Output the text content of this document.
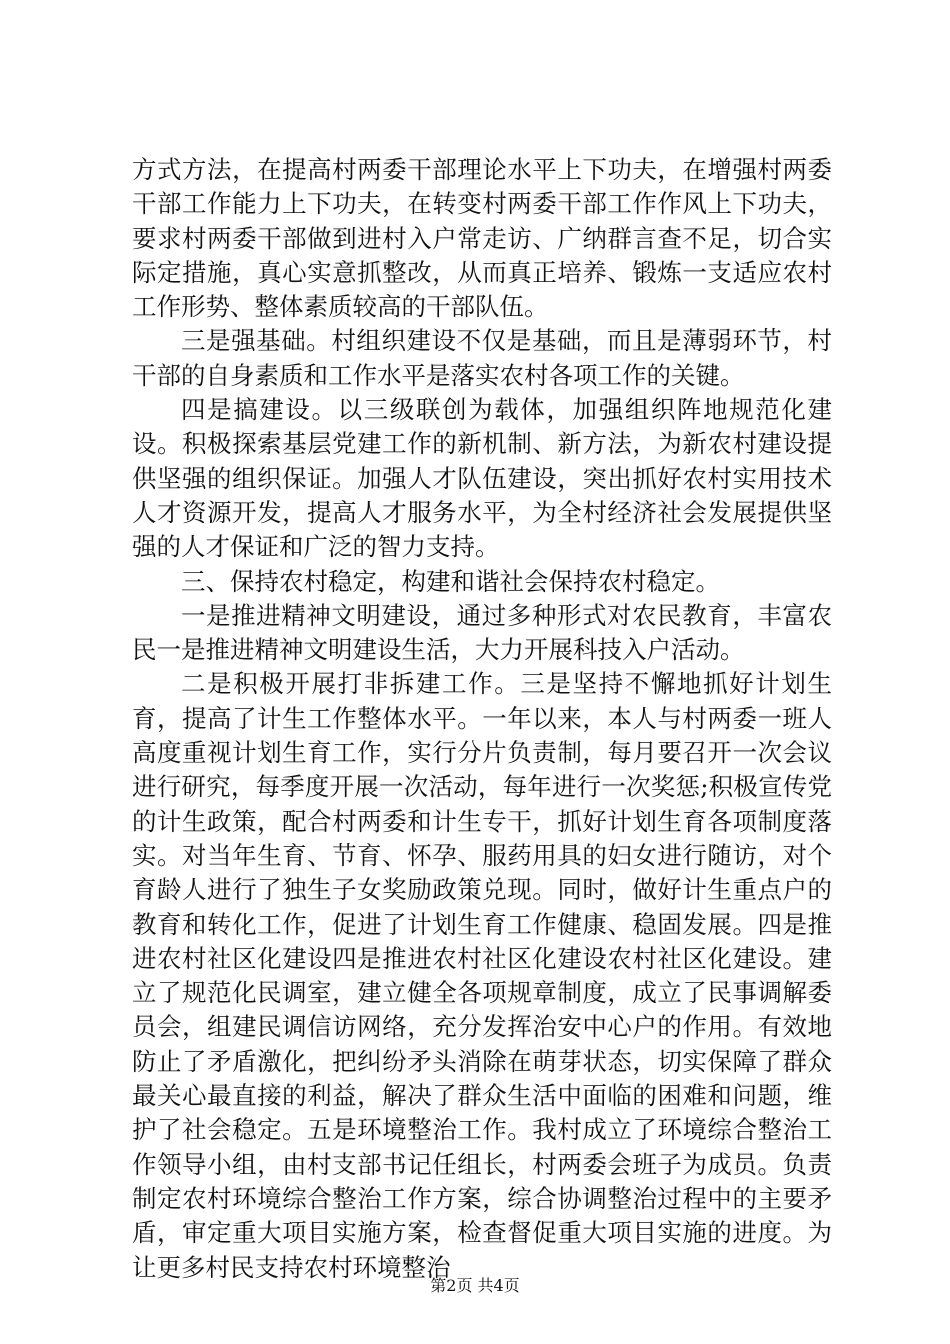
方式方法，在提高村两委干部理论水平上下功夫，在增强村两委干部工作能力上下功夫，在转变村两委干部工作作风上下功夫，要求村两委干部做到进村入户常走访、广纳群言查不足，切合实际定措施，真心实意抓整改，从而真正培养、锻炼一支适应农村工作形势、整体素质较高的干部队伍。

三是强基础。村组织建设不仅是基础，而且是薄弱环节，村干部的自身素质和工作水平是落实农村各项工作的关键。

四是搞建设。以三级联创为载体，加强组织阵地规范化建设。积极探索基层党建工作的新机制、新方法，为新农村建设提供坚强的组织保证。加强人才队伍建设，突出抓好农村实用技术人才资源开发，提高人才服务水平，为全村经济社会发展提供坚强的人才保证和广泛的智力支持。

三、保持农村稳定，构建和谐社会保持农村稳定。

一是推进精神文明建设，通过多种形式对农民教育，丰富农民一是推进精神文明建设生活，大力开展科技入户活动。

二是积极开展打非拆建工作。三是坚持不懈地抓好计划生育，提高了计生工作整体水平。一年以来，本人与村两委一班人高度重视计划生育工作，实行分片负责制，每月要召开一次会议进行研究，每季度开展一次活动，每年进行一次奖惩;积极宣传党的计生政策，配合村两委和计生专干，抓好计划生育各项制度落实。对当年生育、节育、怀孕、服药用具的妇女进行随访，对个育龄人进行了独生子女奖励政策兑现。同时，做好计生重点户的教育和转化工作，促进了计划生育工作健康、稳固发展。四是推进农村社区化建设四是推进农村社区化建设农村社区化建设。建立了规范化民调室，建立健全各项规章制度，成立了民事调解委员会，组建民调信访网络，充分发挥治安中心户的作用。有效地防止了矛盾激化，把纠纷矛头消除在萌芽状态，切实保障了群众最关心最直接的利益，解决了群众生活中面临的困难和问题，维护了社会稳定。五是环境整治工作。我村成立了环境综合整治工作领导小组，由村支部书记任组长，村两委会班子为成员。负责制定农村环境综合整治工作方案，综合协调整治过程中的主要矛盾，审定重大项目实施方案，检查督促重大项目实施的进度。为让更多村民支持农村环境整治

第2页 共4页
